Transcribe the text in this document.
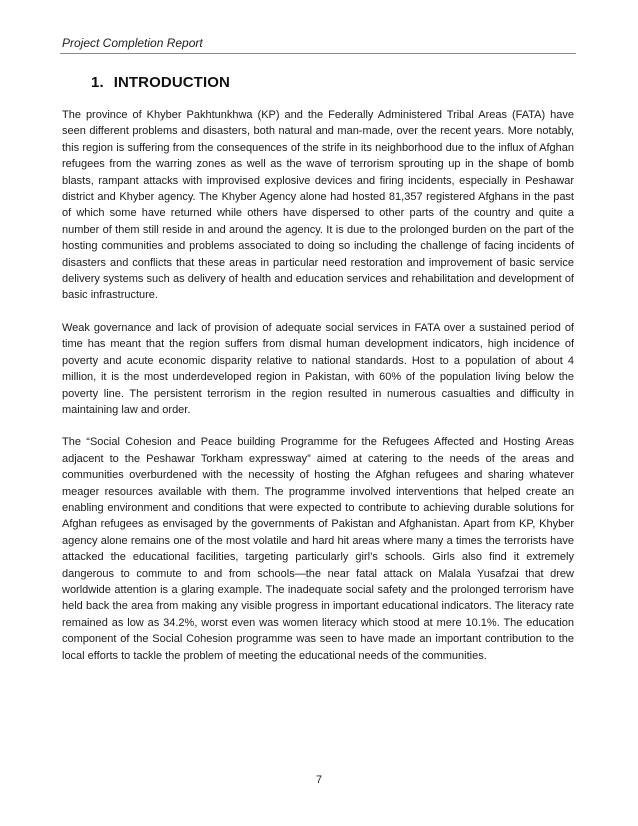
Project Completion Report
1. INTRODUCTION

The province of Khyber Pakhtunkhwa (KP) and the Federally Administered Tribal Areas (FATA) have seen different problems and disasters, both natural and man-made, over the recent years. More notably, this region is suffering from the consequences of the strife in its neighborhood due to the influx of Afghan refugees from the warring zones as well as the wave of terrorism sprouting up in the shape of bomb blasts, rampant attacks with improvised explosive devices and firing incidents, especially in Peshawar district and Khyber agency. The Khyber Agency alone had hosted 81,357 registered Afghans in the past of which some have returned while others have dispersed to other parts of the country and quite a number of them still reside in and around the agency. It is due to the prolonged burden on the part of the hosting communities and problems associated to doing so including the challenge of facing incidents of disasters and conflicts that these areas in particular need restoration and improvement of basic service delivery systems such as delivery of health and education services and rehabilitation and development of basic infrastructure.

Weak governance and lack of provision of adequate social services in FATA over a sustained period of time has meant that the region suffers from dismal human development indicators, high incidence of poverty and acute economic disparity relative to national standards. Host to a population of about 4 million, it is the most underdeveloped region in Pakistan, with 60% of the population living below the poverty line. The persistent terrorism in the region resulted in numerous casualties and difficulty in maintaining law and order.

The “Social Cohesion and Peace building Programme for the Refugees Affected and Hosting Areas adjacent to the Peshawar Torkham expressway” aimed at catering to the needs of the areas and communities overburdened with the necessity of hosting the Afghan refugees and sharing whatever meager resources available with them. The programme involved interventions that helped create an enabling environment and conditions that were expected to contribute to achieving durable solutions for Afghan refugees as envisaged by the governments of Pakistan and Afghanistan. Apart from KP, Khyber agency alone remains one of the most volatile and hard hit areas where many a times the terrorists have attacked the educational facilities, targeting particularly girl’s schools. Girls also find it extremely dangerous to commute to and from schools—the near fatal attack on Malala Yusafzai that drew worldwide attention is a glaring example. The inadequate social safety and the prolonged terrorism have held back the area from making any visible progress in important educational indicators. The literacy rate remained as low as 34.2%, worst even was women literacy which stood at mere 10.1%. The education component of the Social Cohesion programme was seen to have made an important contribution to the local efforts to tackle the problem of meeting the educational needs of the communities.

7
